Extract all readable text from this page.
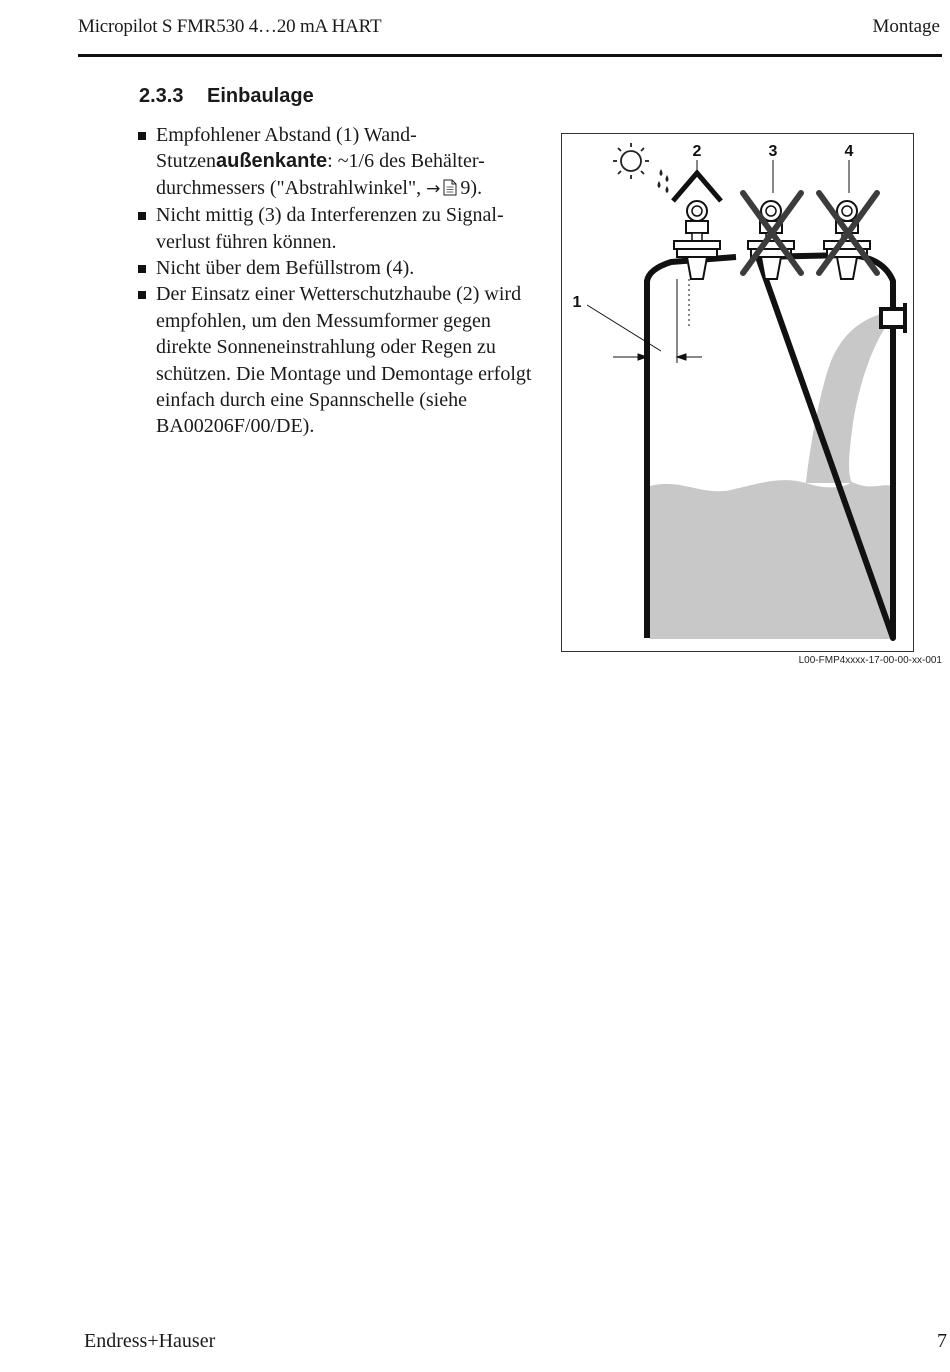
Micropilot S FMR530 4…20 mA HART	Montage
2.3.3 Einbaulage
Empfohlener Abstand (1) Wand-
Stutzenaußenkante: ~1/6 des Behälter-
durchmessers ("Abstrahlwinkel", → 9).
Nicht mittig (3) da Interferenzen zu Signalverlust führen können.
Nicht über dem Befüllstrom (4).
Der Einsatz einer Wetterschutzhaube (2) wird empfohlen, um den Messumformer gegen direkte Sonneneinstrahlung oder Regen zu schützen. Die Montage und Demontage erfolgt einfach durch eine Spannschelle (siehe BA00206F/00/DE).
1
2	3	4
L00-FMP4xxxx-17-00-00-xx-001
Endress+Hauser	7
